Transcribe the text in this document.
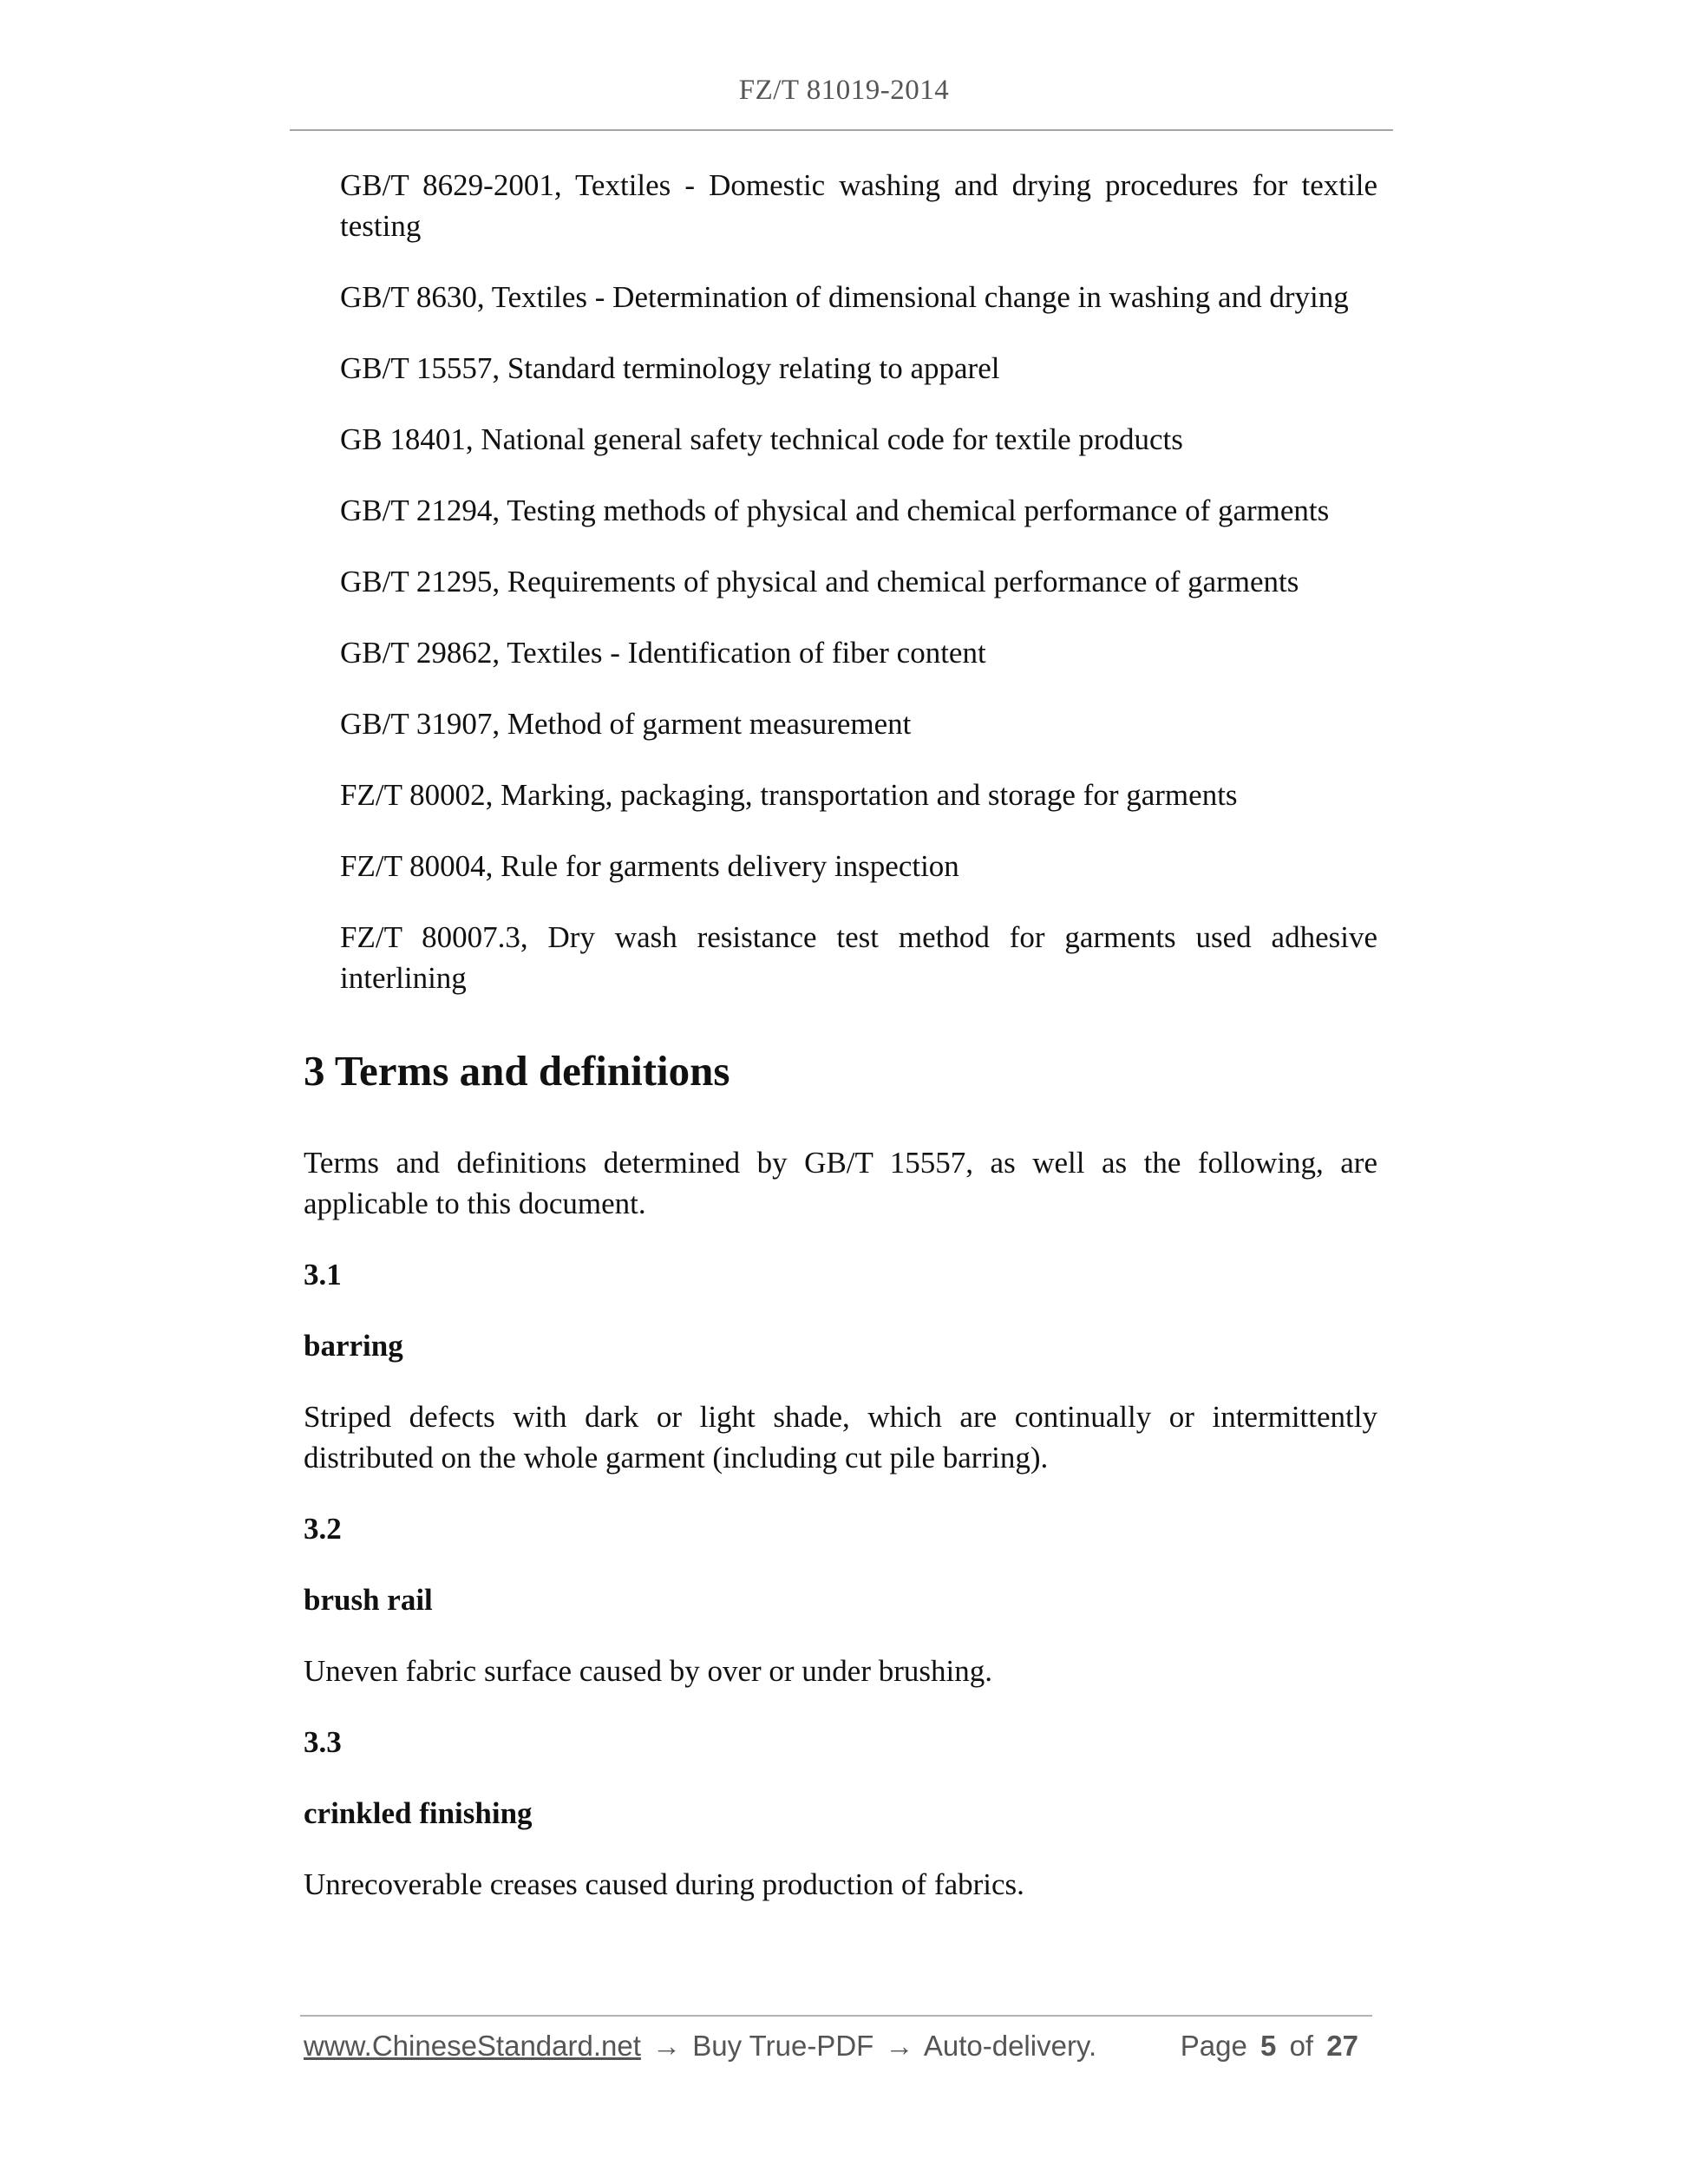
FZ/T 81019-2014
GB/T 8629-2001, Textiles - Domestic washing and drying procedures for textile testing
GB/T 8630, Textiles - Determination of dimensional change in washing and drying
GB/T 15557, Standard terminology relating to apparel
GB 18401, National general safety technical code for textile products
GB/T 21294, Testing methods of physical and chemical performance of garments
GB/T 21295, Requirements of physical and chemical performance of garments
GB/T 29862, Textiles - Identification of fiber content
GB/T 31907, Method of garment measurement
FZ/T 80002, Marking, packaging, transportation and storage for garments
FZ/T 80004, Rule for garments delivery inspection
FZ/T 80007.3, Dry wash resistance test method for garments used adhesive interlining
3 Terms and definitions

Terms and definitions determined by GB/T 15557, as well as the following, are applicable to this document.

3.1

barring

Striped defects with dark or light shade, which are continually or intermittently distributed on the whole garment (including cut pile barring).

3.2

brush rail

Uneven fabric surface caused by over or under brushing.

3.3

crinkled finishing

Unrecoverable creases caused during production of fabrics.

www.ChineseStandard.net → Buy True-PDF → Auto-delivery.	Page 5 of 27
